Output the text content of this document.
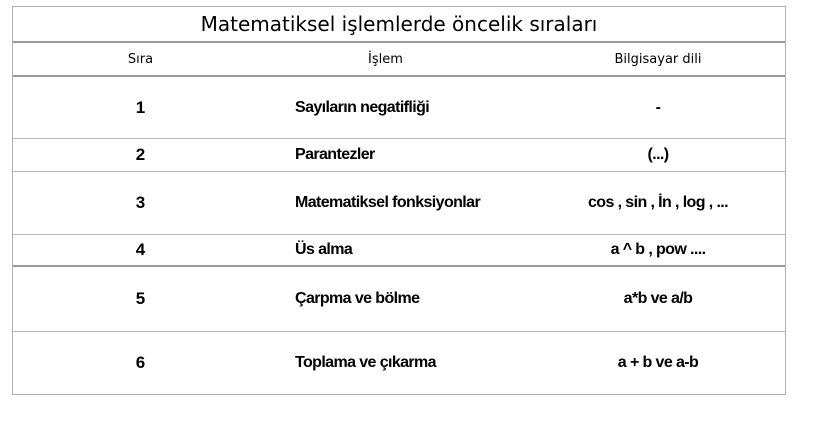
Matematiksel işlemlerde öncelik sıraları
Sıra	İşlem	Bilgisayar dili
1	Sayıların negatifliği	-
2	Parantezler	(...)
3	Matematiksel fonksiyonlar	cos , sin , İn , log , ...
4	Üs alma	a ^ b , pow ....
5	Çarpma ve bölme	a*b ve a/b
6	Toplama ve çıkarma	a + b ve a-b
